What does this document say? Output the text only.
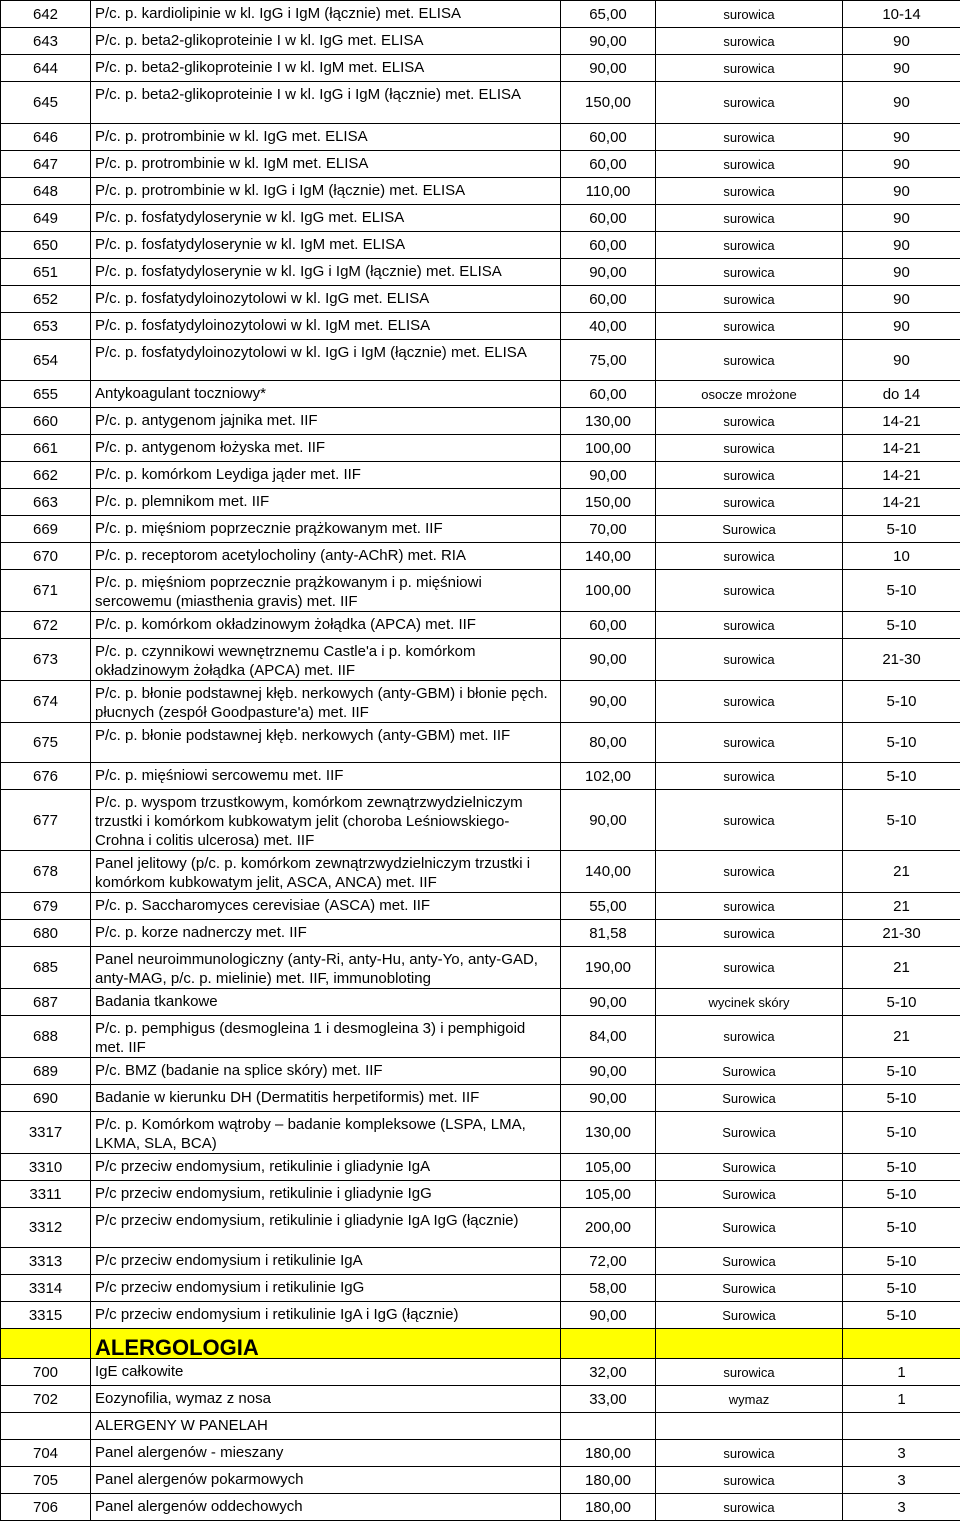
642	P/c. p. kardiolipinie w kl. IgG i IgM (łącznie) met. ELISA	65,00	surowica	10-14
643	P/c. p. beta2-glikoproteinie I w kl. IgG met. ELISA	90,00	surowica	90
644	P/c. p. beta2-glikoproteinie I w kl. IgM met. ELISA	90,00	surowica	90
645	P/c. p. beta2-glikoproteinie I w kl. IgG i IgM (łącznie) met. ELISA	150,00	surowica	90
646	P/c. p. protrombinie w kl. IgG met. ELISA	60,00	surowica	90
647	P/c. p. protrombinie w kl. IgM met. ELISA	60,00	surowica	90
648	P/c. p. protrombinie w kl. IgG i IgM (łącznie) met. ELISA	110,00	surowica	90
649	P/c. p. fosfatydyloserynie w kl. IgG met. ELISA	60,00	surowica	90
650	P/c. p. fosfatydyloserynie w kl. IgM met. ELISA	60,00	surowica	90
651	P/c. p. fosfatydyloserynie w kl. IgG i IgM (łącznie) met. ELISA	90,00	surowica	90
652	P/c. p. fosfatydyloinozytolowi w kl. IgG met. ELISA	60,00	surowica	90
653	P/c. p. fosfatydyloinozytolowi w kl. IgM met. ELISA	40,00	surowica	90
654	P/c. p. fosfatydyloinozytolowi w kl. IgG i IgM (łącznie) met. ELISA	75,00	surowica	90
655	Antykoagulant toczniowy*	60,00	osocze mrożone	do 14
660	P/c. p. antygenom jajnika met. IIF	130,00	surowica	14-21
661	P/c. p. antygenom łożyska met. IIF	100,00	surowica	14-21
662	P/c. p. komórkom Leydiga jąder met. IIF	90,00	surowica	14-21
663	P/c. p. plemnikom met. IIF	150,00	surowica	14-21
669	P/c. p. mięśniom poprzecznie prążkowanym met. IIF	70,00	Surowica	5-10
670	P/c. p. receptorom acetylocholiny (anty-AChR) met. RIA	140,00	surowica	10
671	P/c. p. mięśniom poprzecznie prążkowanym i p. mięśniowi sercowemu (miasthenia gravis) met. IIF	100,00	surowica	5-10
672	P/c. p. komórkom okładzinowym żołądka (APCA) met. IIF	60,00	surowica	5-10
673	P/c. p. czynnikowi wewnętrznemu Castle'a i p. komórkom okładzinowym żołądka (APCA) met. IIF	90,00	surowica	21-30
674	P/c. p. błonie podstawnej kłęb. nerkowych (anty-GBM) i błonie pęch. płucnych (zespół Goodpasture'a) met. IIF	90,00	surowica	5-10
675	P/c. p. błonie podstawnej kłęb. nerkowych (anty-GBM) met. IIF	80,00	surowica	5-10
676	P/c. p. mięśniowi sercowemu met. IIF	102,00	surowica	5-10
677	P/c. p. wyspom trzustkowym, komórkom zewnątrzwydzielniczym trzustki i komórkom kubkowatym jelit (choroba Leśniowskiego-Crohna i colitis ulcerosa) met. IIF	90,00	surowica	5-10
678	Panel jelitowy (p/c. p. komórkom zewnątrzwydzielniczym trzustki i komórkom kubkowatym jelit, ASCA, ANCA) met. IIF	140,00	surowica	21
679	P/c. p. Saccharomyces cerevisiae (ASCA) met. IIF	55,00	surowica	21
680	P/c. p. korze nadnerczy met. IIF	81,58	surowica	21-30
685	Panel neuroimmunologiczny (anty-Ri, anty-Hu, anty-Yo, anty-GAD, anty-MAG, p/c. p. mielinie) met. IIF, immunobloting	190,00	surowica	21
687	Badania tkankowe	90,00	wycinek skóry	5-10
688	P/c. p. pemphigus (desmogleina 1 i desmogleina 3) i pemphigoid met. IIF	84,00	surowica	21
689	P/c. BMZ (badanie na splice skóry) met. IIF	90,00	Surowica	5-10
690	Badanie w kierunku DH (Dermatitis herpetiformis) met. IIF	90,00	Surowica	5-10
3317	P/c. p. Komórkom wątroby – badanie kompleksowe (LSPA, LMA, LKMA, SLA, BCA)	130,00	Surowica	5-10
3310	P/c przeciw endomysium, retikulinie i gliadynie IgA	105,00	Surowica	5-10
3311	P/c przeciw endomysium, retikulinie i gliadynie IgG	105,00	Surowica	5-10
3312	P/c przeciw endomysium, retikulinie i gliadynie IgA IgG (łącznie)	200,00	Surowica	5-10
3313	P/c przeciw endomysium i retikulinie IgA	72,00	Surowica	5-10
3314	P/c przeciw endomysium i retikulinie IgG	58,00	Surowica	5-10
3315	P/c przeciw endomysium i retikulinie IgA i IgG (łącznie)	90,00	Surowica	5-10
	ALERGOLOGIA			
700	IgE całkowite	32,00	surowica	1
702	Eozynofilia, wymaz z nosa	33,00	wymaz	1
	ALERGENY W PANELAH			
704	Panel alergenów - mieszany	180,00	surowica	3
705	Panel alergenów pokarmowych	180,00	surowica	3
706	Panel alergenów oddechowych	180,00	surowica	3
